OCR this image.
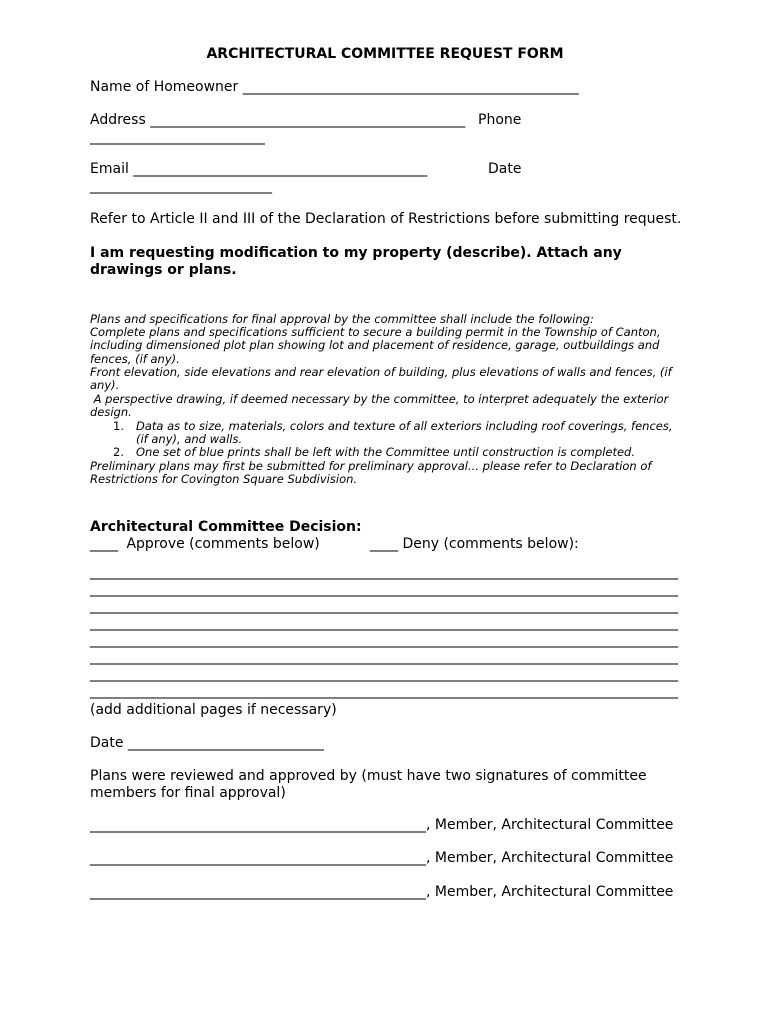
ARCHITECTURAL COMMITTEE REQUEST FORM
Name of Homeowner ________________________________________________
Address _____________________________________________ Phone
_________________________
Email __________________________________________	Date
__________________________
Refer to Article II and III of the Declaration of Restrictions before submitting request.
I am requesting modification to my property (describe). Attach any
drawings or plans.
Plans and specifications for final approval by the committee shall include the following:
Complete plans and specifications sufficient to secure a building permit in the Township of Canton,
including dimensioned plot plan showing lot and placement of residence, garage, outbuildings and
fences, (if any).
Front elevation, side elevations and rear elevation of building, plus elevations of walls and fences, (if
any).
A perspective drawing, if deemed necessary by the committee, to interpret adequately the exterior
design.
1. Data as to size, materials, colors and texture of all exteriors including roof coverings, fences,
(if any), and walls.
2. One set of blue prints shall be left with the Committee until construction is completed.
Preliminary plans may first be submitted for preliminary approval... please refer to Declaration of
Restrictions for Covington Square Subdivision.
Architectural Committee Decision:
____ Approve (comments below)	____ Deny (comments below):
____________________________________________________________________________________
____________________________________________________________________________________
____________________________________________________________________________________
____________________________________________________________________________________
____________________________________________________________________________________
____________________________________________________________________________________
____________________________________________________________________________________
____________________________________________________________________________________
(add additional pages if necessary)
Date ____________________________
Plans were reviewed and approved by (must have two signatures of committee
members for final approval)
________________________________________________, Member, Architectural Committee
________________________________________________, Member, Architectural Committee
________________________________________________, Member, Architectural Committee
